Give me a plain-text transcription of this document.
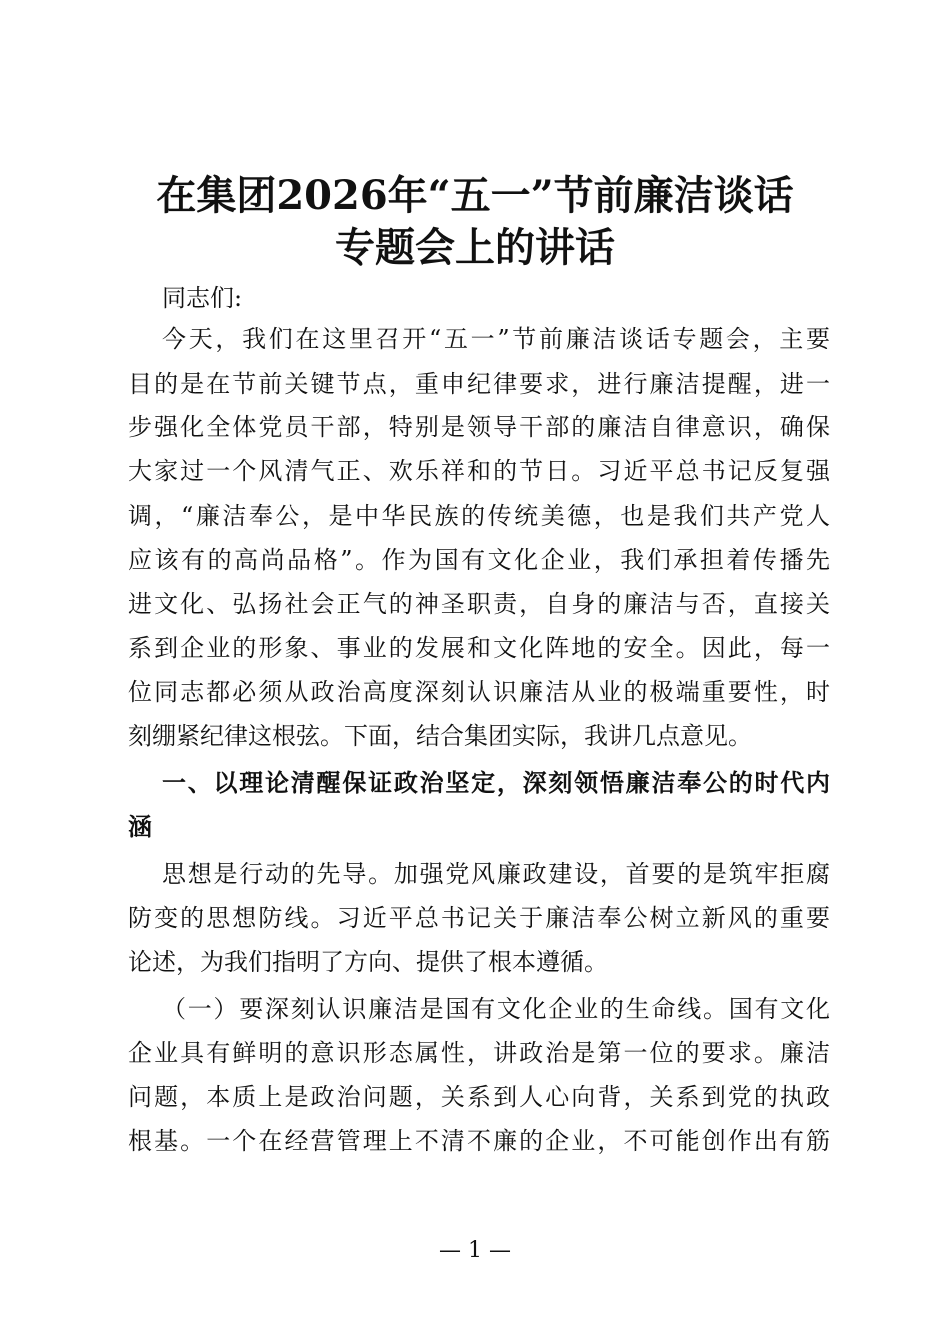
在集团2026年“五一”节前廉洁谈话
专题会上的讲话
同志们:
今天，我们在这里召开“五一”节前廉洁谈话专题会，主要
目的是在节前关键节点，重申纪律要求，进行廉洁提醒，进一
步强化全体党员干部，特别是领导干部的廉洁自律意识，确保
大家过一个风清气正、欢乐祥和的节日。习近平总书记反复强
调，“廉洁奉公，是中华民族的传统美德，也是我们共产党人
应该有的高尚品格”。作为国有文化企业，我们承担着传播先
进文化、弘扬社会正气的神圣职责，自身的廉洁与否，直接关
系到企业的形象、事业的发展和文化阵地的安全。因此，每一
位同志都必须从政治高度深刻认识廉洁从业的极端重要性，时
刻绷紧纪律这根弦。下面，结合集团实际，我讲几点意见。
一、以理论清醒保证政治坚定，深刻领悟廉洁奉公的时代内
涵
思想是行动的先导。加强党风廉政建设，首要的是筑牢拒腐
防变的思想防线。习近平总书记关于廉洁奉公树立新风的重要
论述，为我们指明了方向、提供了根本遵循。
（一）要深刻认识廉洁是国有文化企业的生命线。国有文化
企业具有鲜明的意识形态属性，讲政治是第一位的要求。廉洁
问题，本质上是政治问题，关系到人心向背，关系到党的执政
根基。一个在经营管理上不清不廉的企业，不可能创作出有筋
— 1 —
